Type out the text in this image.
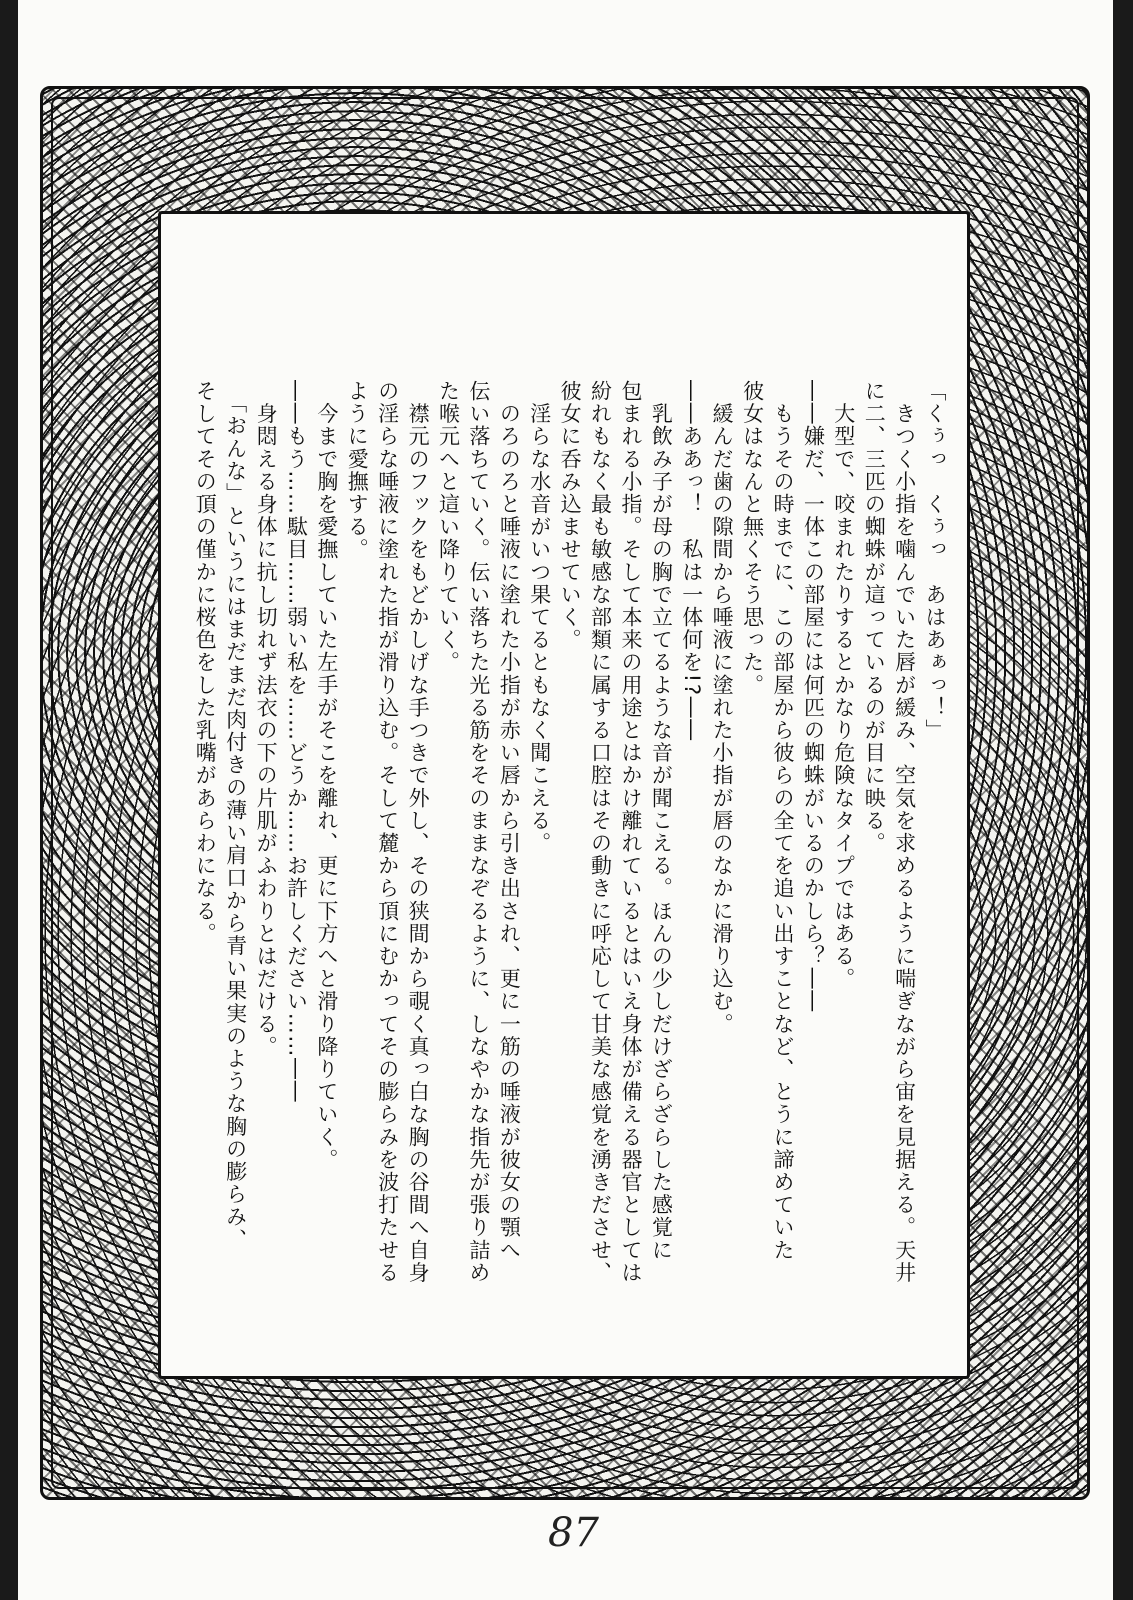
「くぅっ　くぅっ　あはあぁっ！」

　きつく小指を噛んでいた唇が緩み、空気を求めるように喘ぎながら宙を見据える。天井

に二、三匹の蜘蛛が這っているのが目に映る。

　大型で、咬まれたりするとかなり危険なタイプではある。

――嫌だ、一体この部屋には何匹の蜘蛛がいるのかしら？――

　もうその時までに、この部屋から彼らの全てを追い出すことなど、とうに諦めていた

彼女はなんと無くそう思った。

　緩んだ歯の隙間から唾液に塗れた小指が唇のなかに滑り込む。

――ああっ！　私は一体何を!?――

　乳飲み子が母の胸で立てるような音が聞こえる。ほんの少しだけざらざらした感覚に

包まれる小指。そして本来の用途とはかけ離れているとはいえ身体が備える器官としては

紛れもなく最も敏感な部類に属する口腔はその動きに呼応して甘美な感覚を湧きださせ、

彼女に呑み込ませていく。

　淫らな水音がいつ果てるともなく聞こえる。

　のろのろと唾液に塗れた小指が赤い唇から引き出され、更に一筋の唾液が彼女の顎へ

伝い落ちていく。伝い落ちた光る筋をそのままなぞるように、しなやかな指先が張り詰め

た喉元へと這い降りていく。

　襟元のフックをもどかしげな手つきで外し、その狭間から覗く真っ白な胸の谷間へ自身

の淫らな唾液に塗れた指が滑り込む。そして麓から頂にむかってその膨らみを波打たせる

ように愛撫する。

　今まで胸を愛撫していた左手がそこを離れ、更に下方へと滑り降りていく。

――もう……駄目……弱い私を……どうか……お許しください……――

　身悶える身体に抗し切れず法衣の下の片肌がふわりとはだける。

　「おんな」というにはまだまだ肉付きの薄い肩口から青い果実のような胸の膨らみ、

そしてその頂の僅かに桜色をした乳嘴があらわになる。

87
